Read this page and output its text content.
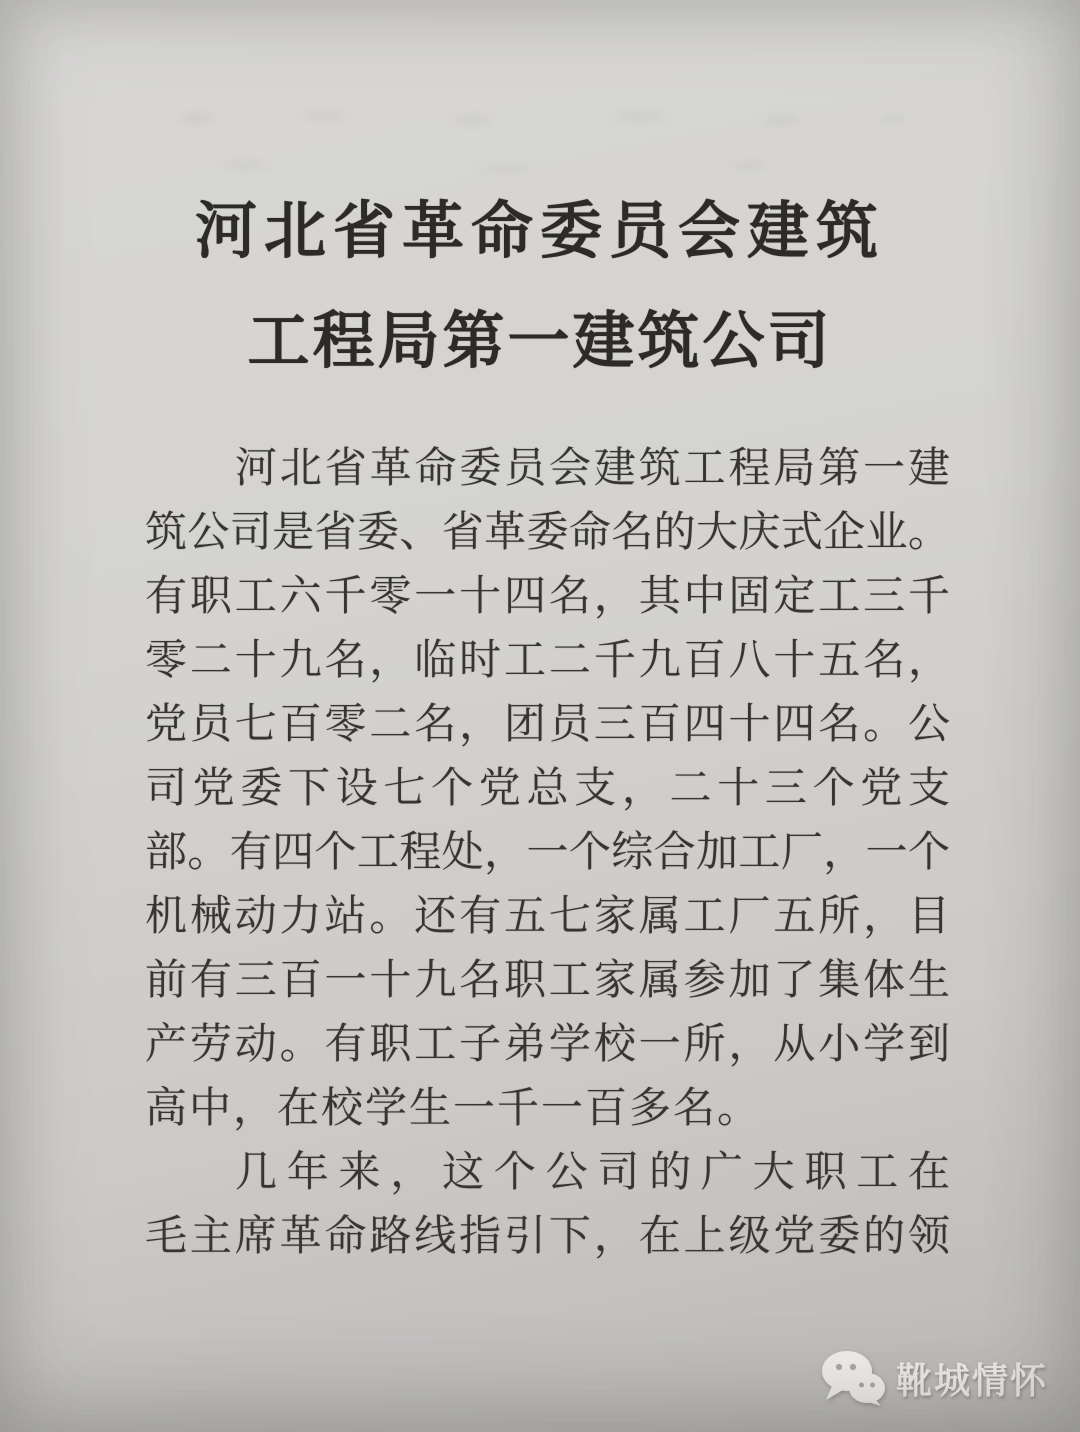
河北省革命委员会建筑
工程局第一建筑公司
河北省革命委员会建筑工程局第一建
筑公司是省委、省革委命名的大庆式企业。
有职工六千零一十四名，其中固定工三千
零二十九名，临时工二千九百八十五名，
党员七百零二名，团员三百四十四名。公
司党委下设七个党总支，二十三个党支
部。有四个工程处，一个综合加工厂，一个
机械动力站。还有五七家属工厂五所，目
前有三百一十九名职工家属参加了集体生
产劳动。有职工子弟学校一所，从小学到
高中，在校学生一千一百多名。
几年来，这个公司的广大职工在
毛主席革命路线指引下，在上级党委的领
靴城情怀
